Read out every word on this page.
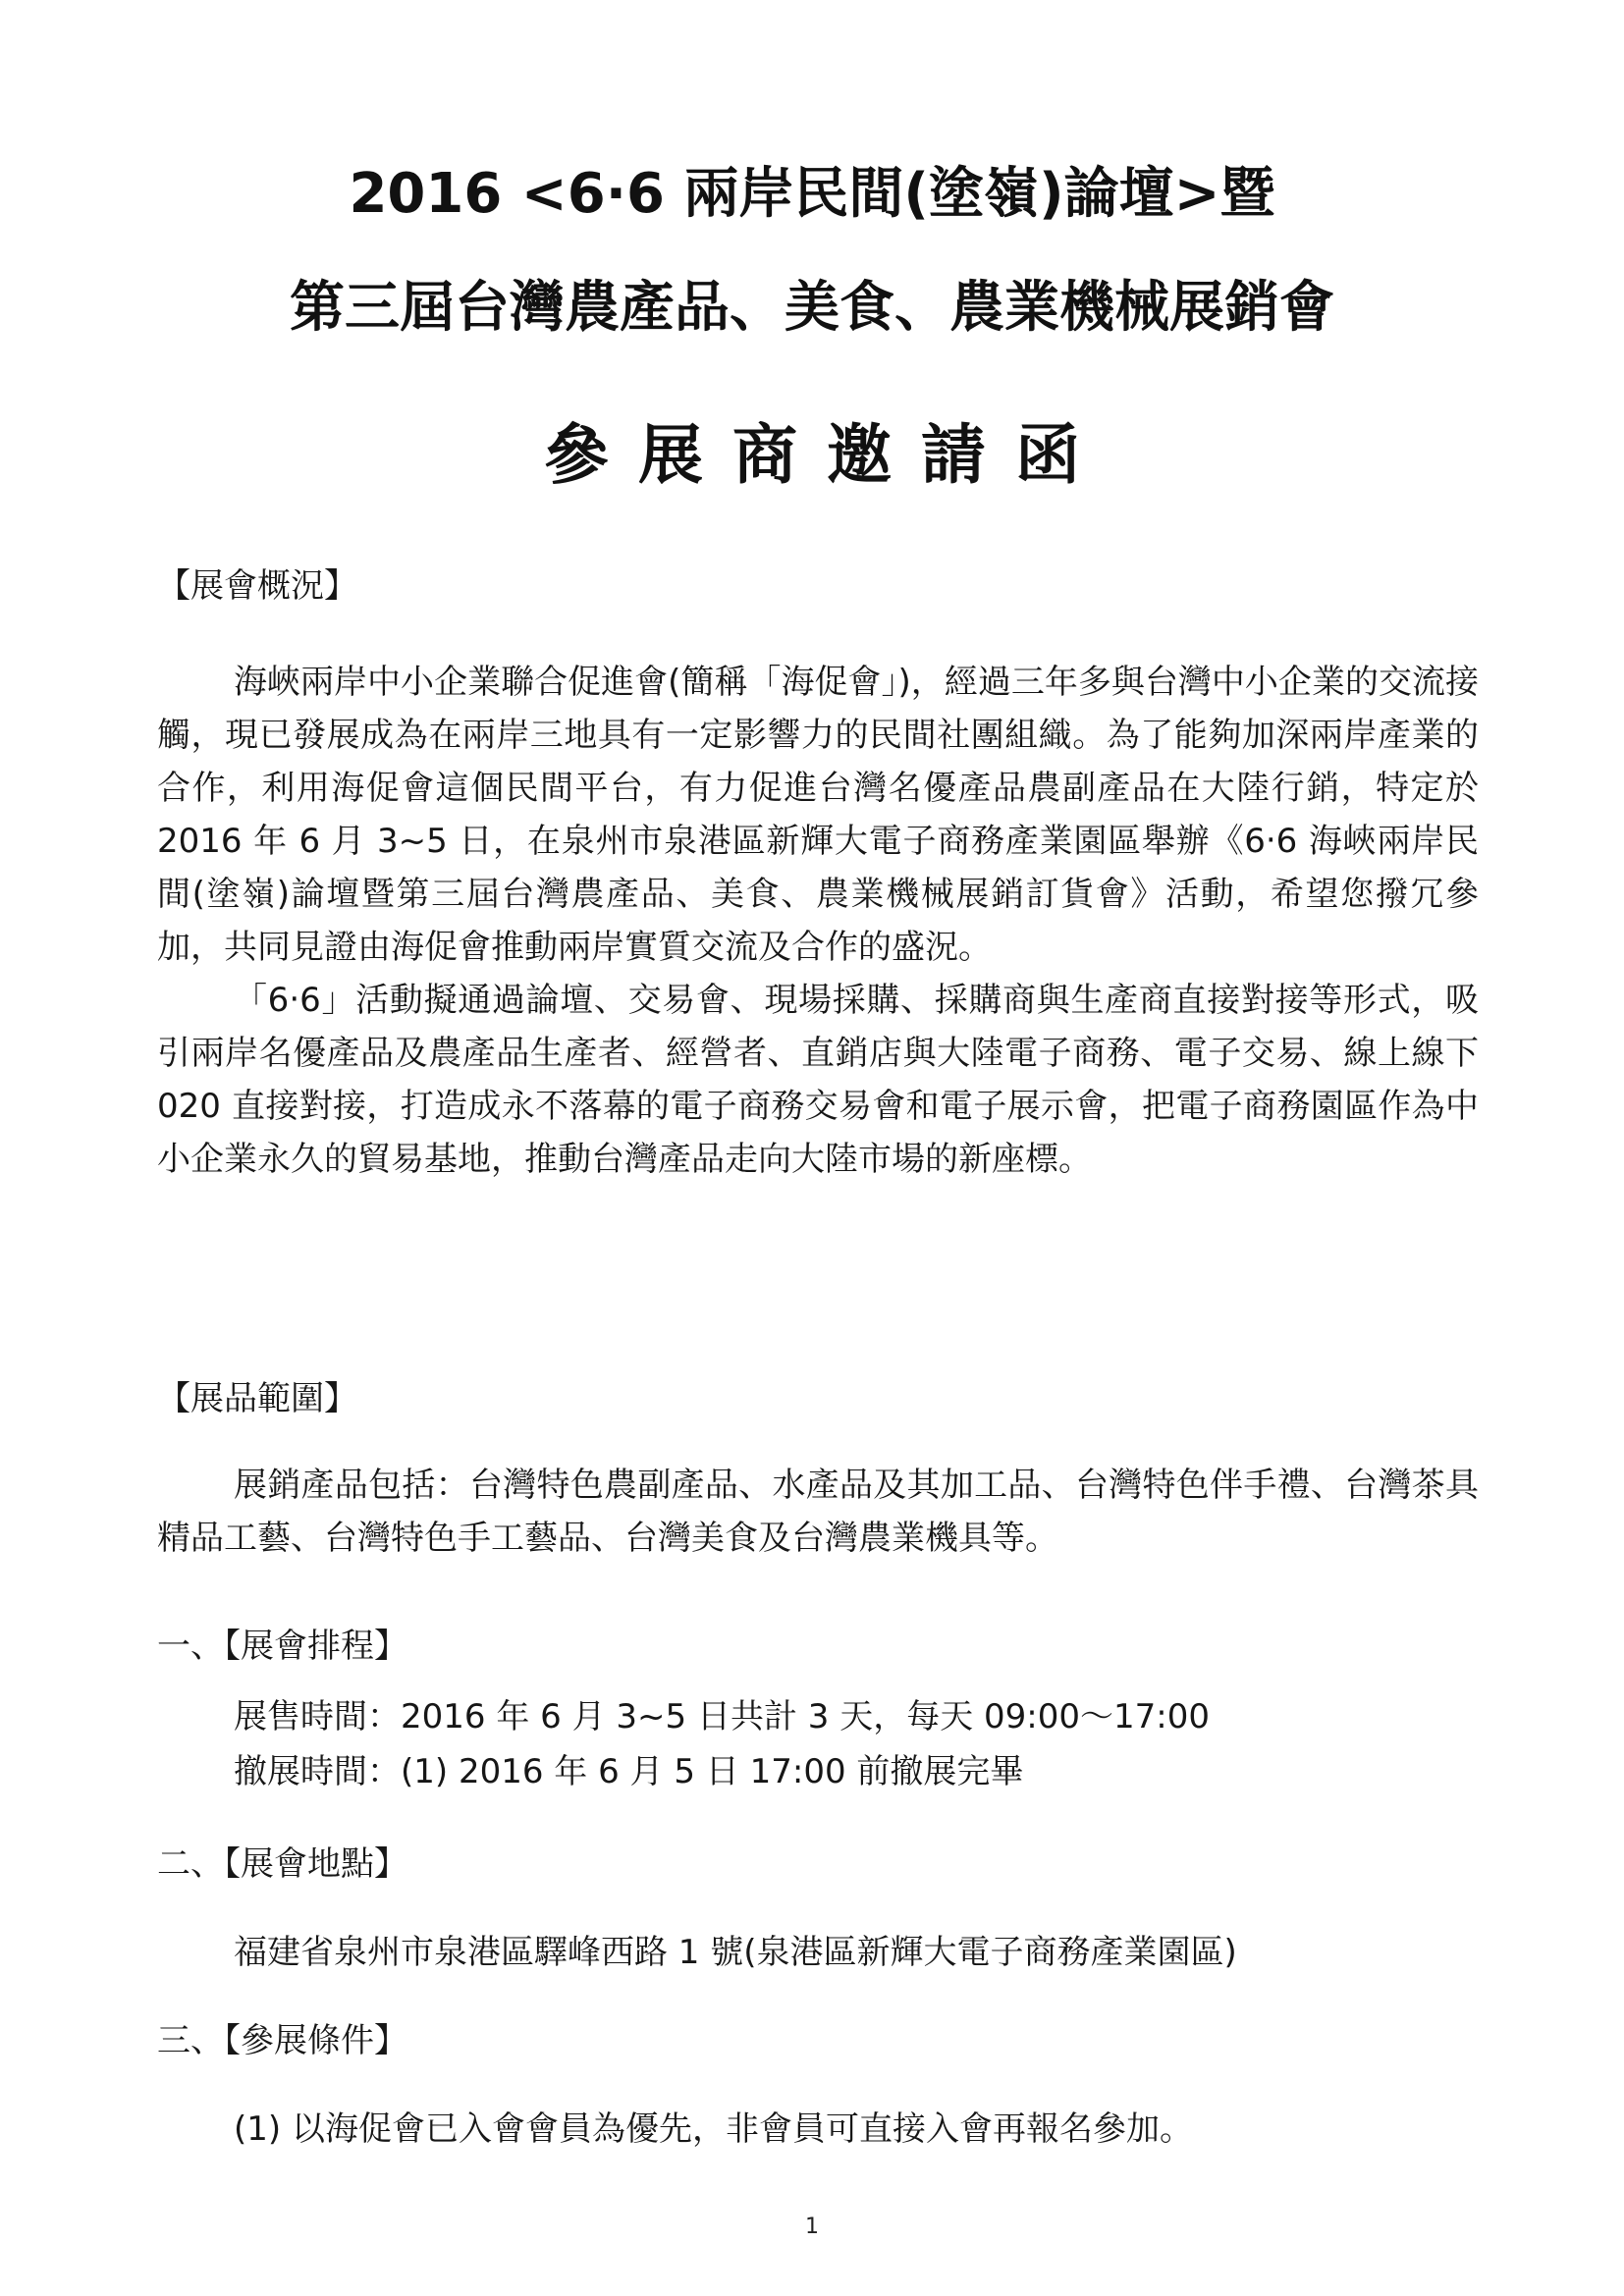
2016 <6·6 兩岸民間(塗嶺)論壇>暨
第三屆台灣農產品、美食、農業機械展銷會
參展商邀請函
【展會概況】

海峽兩岸中小企業聯合促進會(簡稱「海促會」)，經過三年多與台灣中小企業的交流接觸，現已發展成為在兩岸三地具有一定影響力的民間社團組織。為了能夠加深兩岸產業的合作，利用海促會這個民間平台，有力促進台灣名優產品農副產品在大陸行銷，特定於 2016 年 6 月 3~5 日，在泉州市泉港區新輝大電子商務產業園區舉辦《6‧6 海峽兩岸民間(塗嶺)論壇暨第三屆台灣農產品、美食、農業機械展銷訂貨會》活動，希望您撥冗參加，共同見證由海促會推動兩岸實質交流及合作的盛況。

「6‧6」活動擬通過論壇、交易會、現場採購、採購商與生產商直接對接等形式，吸引兩岸名優產品及農產品生產者、經營者、直銷店與大陸電子商務、電子交易、線上線下 020 直接對接，打造成永不落幕的電子商務交易會和電子展示會，把電子商務園區作為中小企業永久的貿易基地，推動台灣產品走向大陸市場的新座標。

【展品範圍】

展銷產品包括：台灣特色農副產品、水產品及其加工品、台灣特色伴手禮、台灣茶具精品工藝、台灣特色手工藝品、台灣美食及台灣農業機具等。

一、【展會排程】
展售時間：2016 年 6 月 3~5 日共計 3 天，每天 09:00～17:00
撤展時間：(1) 2016 年 6 月 5 日 17:00 前撤展完畢
二、【展會地點】
福建省泉州市泉港區驛峰西路 1 號(泉港區新輝大電子商務產業園區)
三、【參展條件】
(1) 以海促會已入會會員為優先，非會員可直接入會再報名參加。
1
